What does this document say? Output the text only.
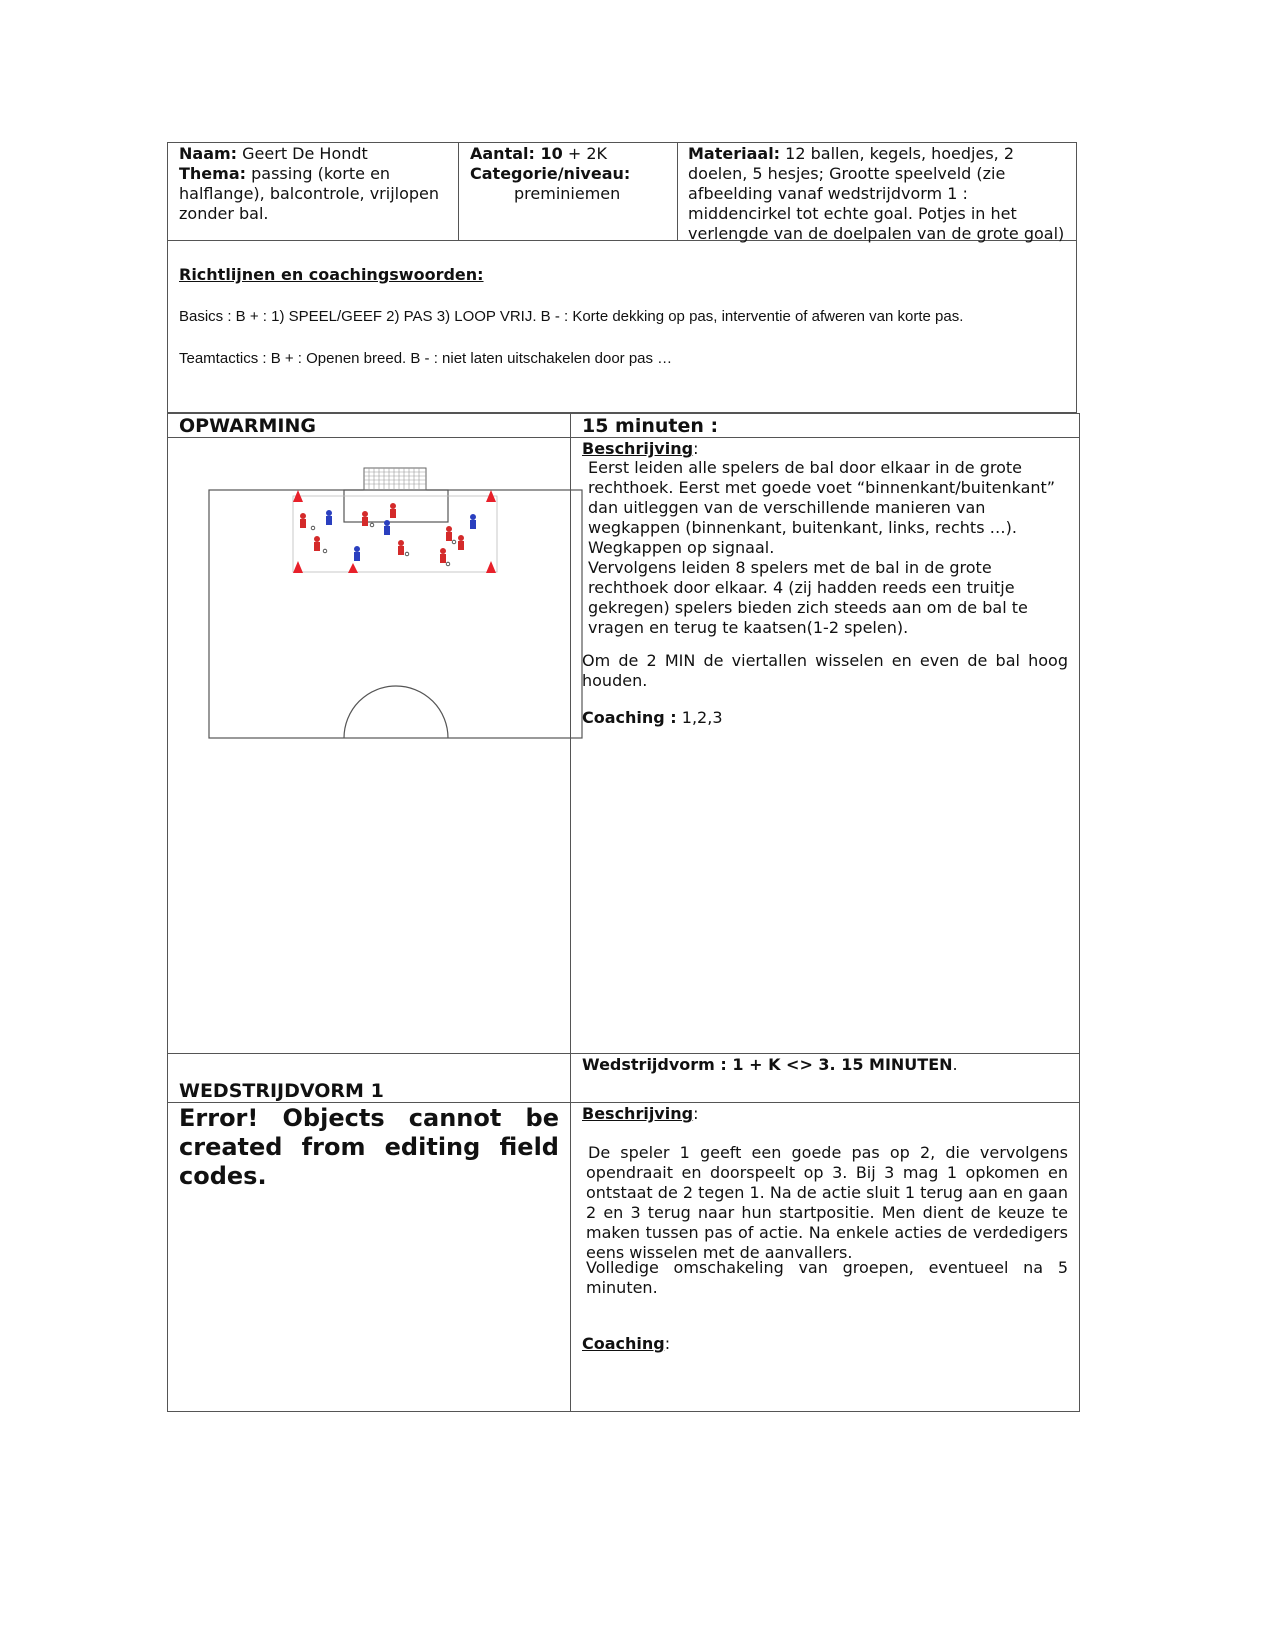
Naam: Geert De Hondt
Thema: passing (korte en halflange), balcontrole, vrijlopen zonder bal.
Aantal: 10 + 2K
Categorie/niveau:
preminiemen
Materiaal: 12 ballen, kegels, hoedjes, 2 doelen, 5 hesjes; Grootte speelveld (zie afbeelding vanaf wedstrijdvorm 1 : middencirkel tot echte goal. Potjes in het verlengde van de doelpalen van de grote goal)
Richtlijnen en coachingswoorden:
Basics : B + : 1) SPEEL/GEEF 2) PAS 3) LOOP VRIJ. B - : Korte dekking op pas, interventie of afweren van korte pas.
Teamtactics : B + : Openen breed. B - : niet laten uitschakelen door pas …
OPWARMING	15 minuten :
Beschrijving:
Eerst leiden alle spelers de bal door elkaar in de grote
rechthoek. Eerst met goede voet “binnenkant/buitenkant”
dan uitleggen van de verschillende manieren van
wegkappen (binnenkant, buitenkant, links, rechts …).
Wegkappen op signaal.
Vervolgens leiden 8 spelers met de bal in de grote
rechthoek door elkaar. 4 (zij hadden reeds een truitje
gekregen) spelers bieden zich steeds aan om de bal te
vragen en terug te kaatsen(1-2 spelen).
Om de 2 MIN de viertallen wisselen en even de bal hoog houden.
Coaching : 1,2,3
WEDSTRIJDVORM 1
Wedstrijdvorm : 1 + K <> 3. 15 MINUTEN.
Error! Objects cannot be created from editing field codes.
Beschrijving:
De speler 1 geeft een goede pas op 2, die vervolgens opendraait en doorspeelt op 3. Bij 3 mag 1 opkomen en ontstaat de 2 tegen 1. Na de actie sluit 1 terug aan en gaan 2 en 3 terug naar hun startpositie. Men dient de keuze te maken tussen pas of actie. Na enkele acties de verdedigers eens wisselen met de aanvallers.
Volledige omschakeling van groepen, eventueel na 5 minuten.
Coaching:
